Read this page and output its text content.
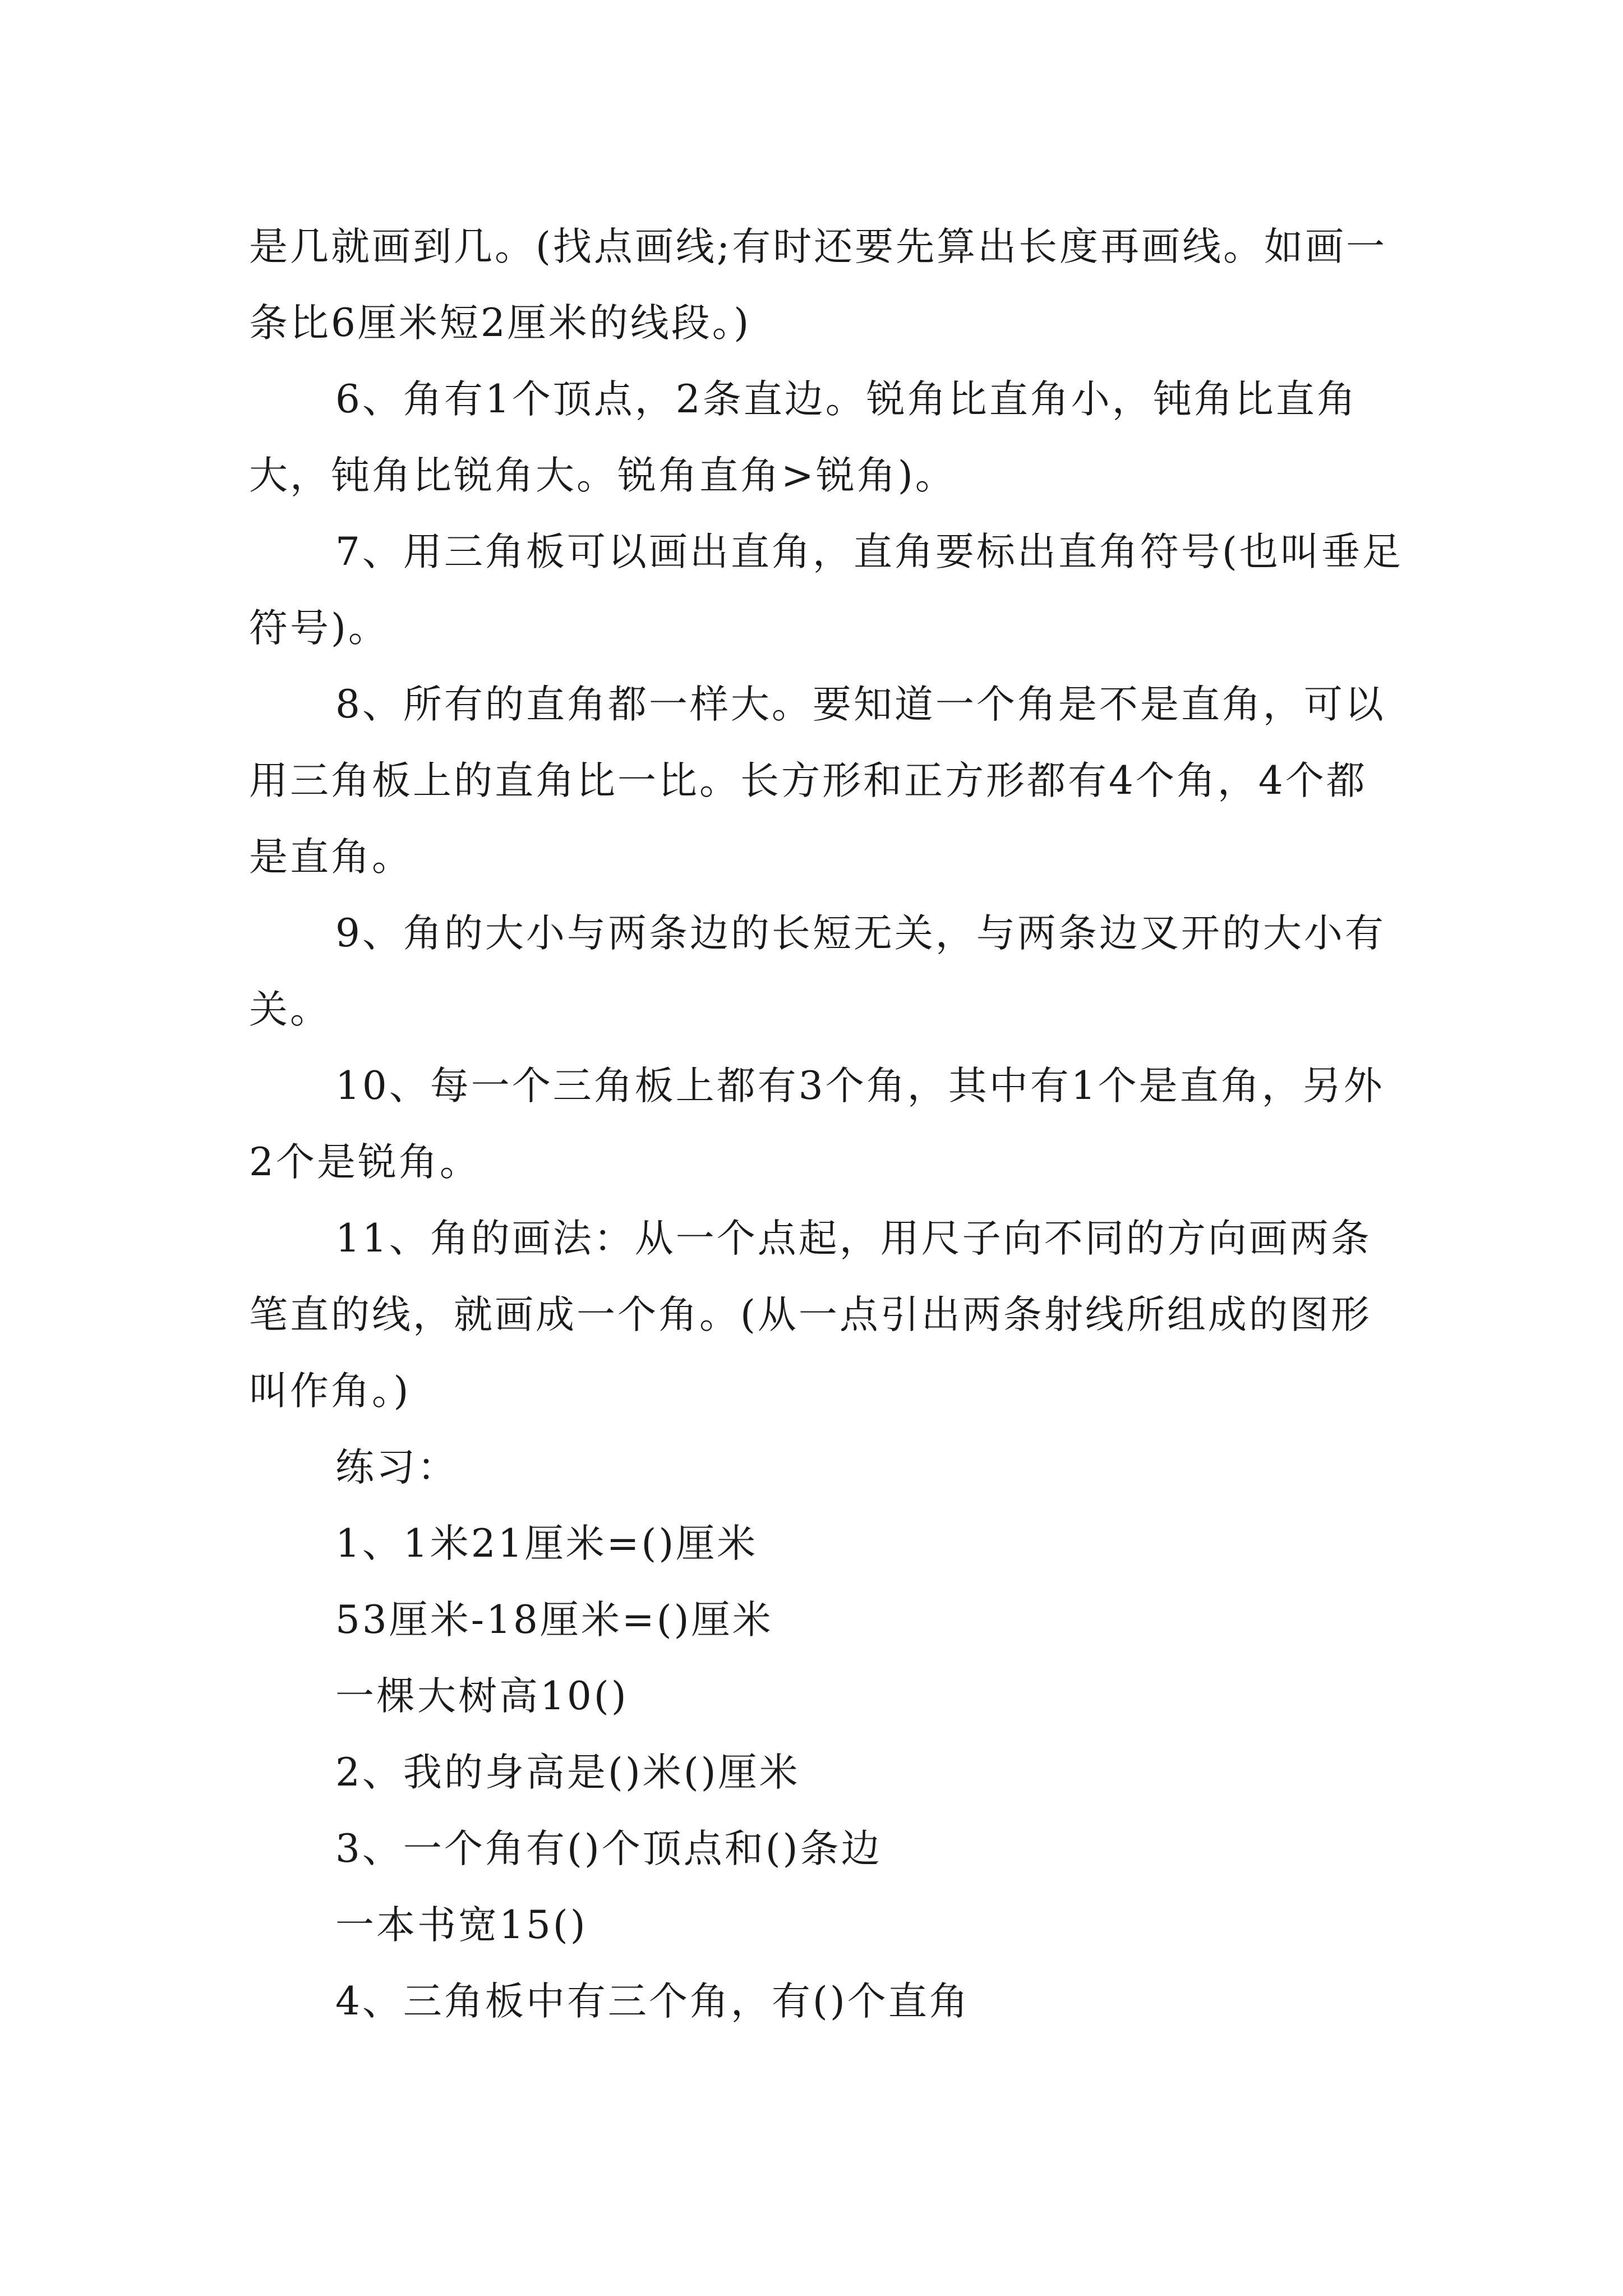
是几就画到几。(找点画线;有时还要先算出长度再画线。如画一条比6厘米短2厘米的线段。)

6、角有1个顶点，2条直边。锐角比直角小，钝角比直角大，钝角比锐角大。锐角直角>锐角)。

7、用三角板可以画出直角，直角要标出直角符号(也叫垂足符号)。

8、所有的直角都一样大。要知道一个角是不是直角，可以用三角板上的直角比一比。长方形和正方形都有4个角，4个都是直角。

9、角的大小与两条边的长短无关，与两条边叉开的大小有关。

10、每一个三角板上都有3个角，其中有1个是直角，另外2个是锐角。

11、角的画法：从一个点起，用尺子向不同的方向画两条笔直的线，就画成一个角。(从一点引出两条射线所组成的图形叫作角。)

练习：

1、1米21厘米=()厘米

53厘米-18厘米=()厘米

一棵大树高10()

2、我的身高是()米()厘米

3、一个角有()个顶点和()条边

一本书宽15()

4、三角板中有三个角，有()个直角
